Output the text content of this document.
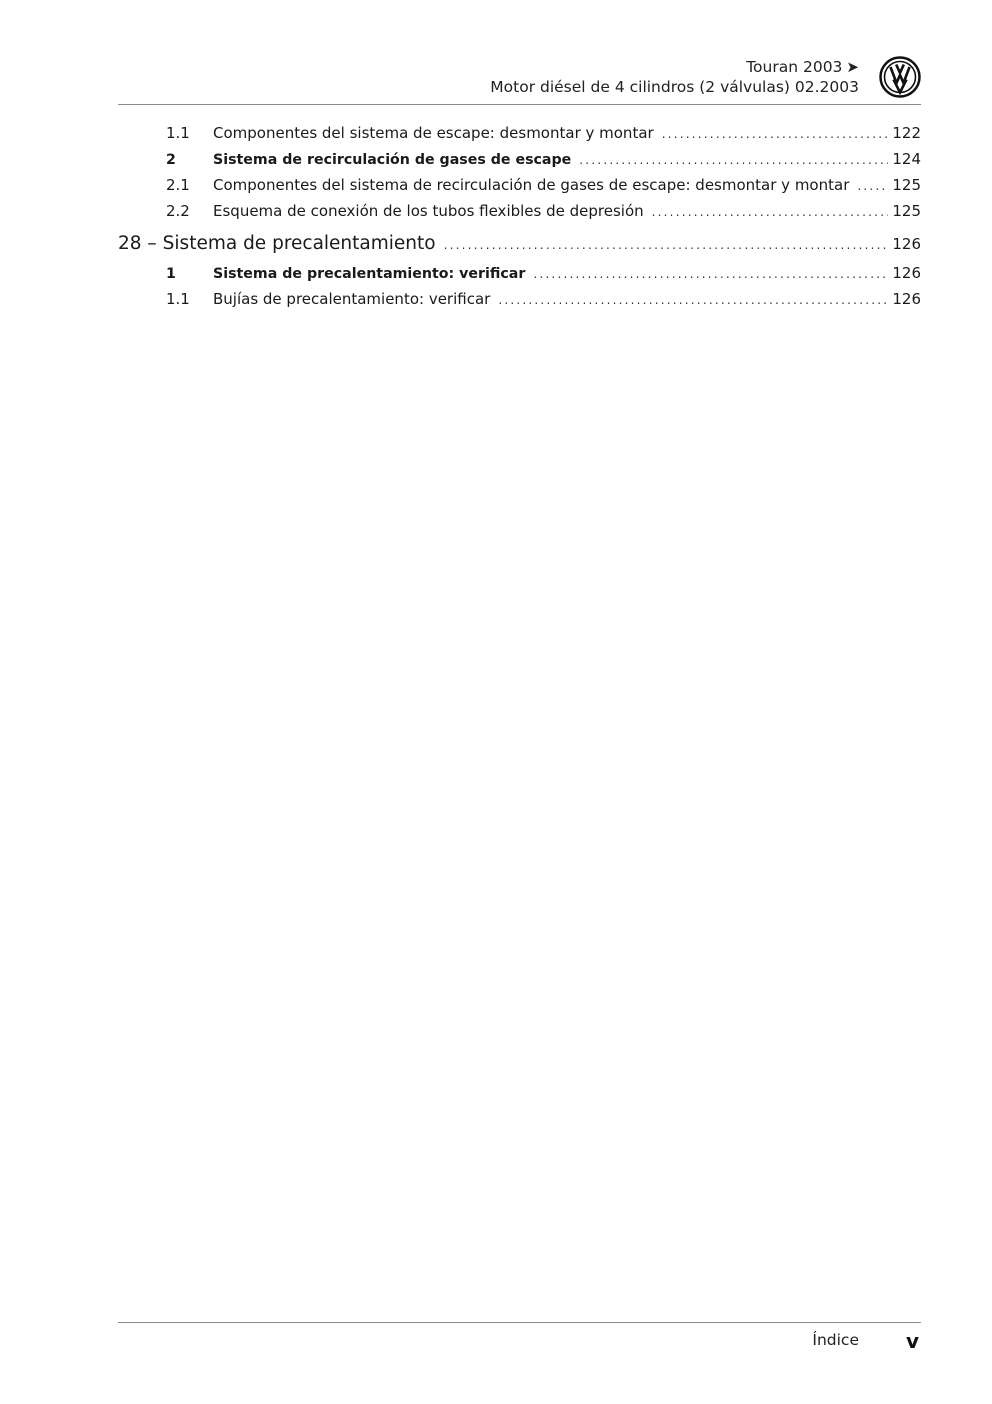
Touran 2003 ➤
Motor diésel de 4 cilindros (2 válvulas) 02.2003
1.1	Componentes del sistema de escape: desmontar y montar .....	122
2	Sistema de recirculación de gases de escape .....	124
2.1	Componentes del sistema de recirculación de gases de escape: desmontar y montar .....	125
2.2	Esquema de conexión de los tubos flexibles de depresión .....	125
28 – Sistema de precalentamiento .....	126
1	Sistema de precalentamiento: verificar .....	126
1.1	Bujías de precalentamiento: verificar .....	126
Índice v
